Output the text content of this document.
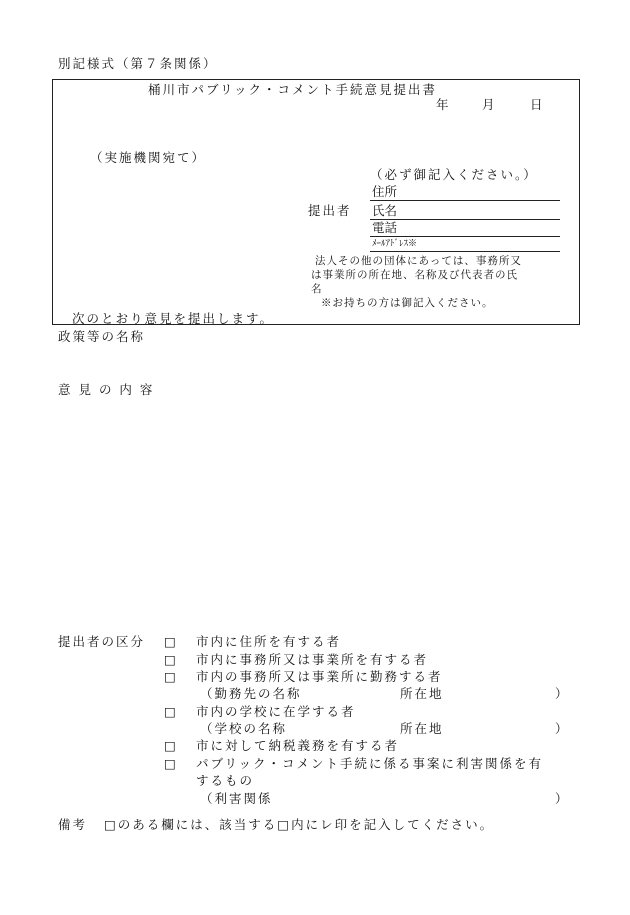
別記様式（第７条関係）
桶川市パブリック・コメント手続意見提出書
年	月	日
（実施機関宛て）
（必ず御記入ください。）
提出者
住所
氏名
電話
ﾒｰﾙｱﾄﾞﾚｽ※
法人その他の団体にあっては、事務所又
は事業所の所在地、名称及び代表者の氏
名
※お持ちの方は御記入ください。
次のとおり意見を提出します。
政策等の名称
意 見 の 内 容
提出者の区分 □ 市内に住所を有する者
□ 市内に事務所又は事業所を有する者
□ 市内の事務所又は事業所に勤務する者
（勤務先の名称	所在地	）
□ 市内の学校に在学する者
（学校の名称	所在地	）
□ 市に対して納税義務を有する者
□ パブリック・コメント手続に係る事案に利害関係を有
するもの
（利害関係	）
備考 □のある欄には、該当する□内にレ印を記入してください。
